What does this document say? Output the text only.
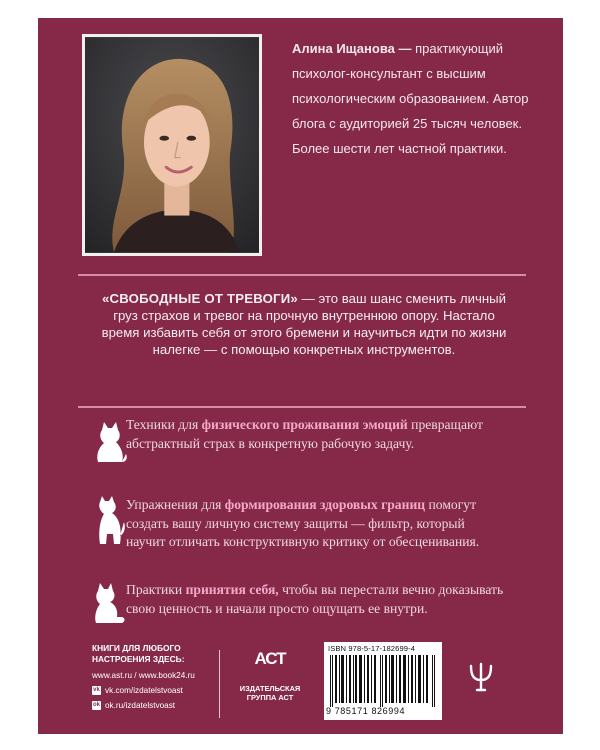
Алина Ищанова — практикующий психолог-консультант с высшим психологическим образованием. Автор блога с аудиторией 25 тысяч человек. Более шести лет частной практики.
«СВОБОДНЫЕ ОТ ТРЕВОГИ» — это ваш шанс сменить личный груз страхов и тревог на прочную внутреннюю опору. Настало время избавить себя от этого бремени и научиться идти по жизни налегке — с помощью конкретных инструментов.
Техники для физического проживания эмоций превращают абстрактный страх в конкретную рабочую задачу.
Упражнения для формирования здоровых границ помогут создать вашу личную систему защиты — фильтр, который научит отличать конструктивную критику от обесценивания.
Практики принятия себя, чтобы вы перестали вечно доказывать свою ценность и начали просто ощущать ее внутри.
КНИГИ ДЛЯ ЛЮБОГО
НАСТРОЕНИЯ ЗДЕСЬ:
www.ast.ru / www.book24.ru
vk vk.com/izdatelstvoast
ok ok.ru/izdatelstvoast
АСТ
ИЗДАТЕЛЬСКАЯ
ГРУППА АСТ
ISBN 978-5-17-182699-4
9 785171 826994
